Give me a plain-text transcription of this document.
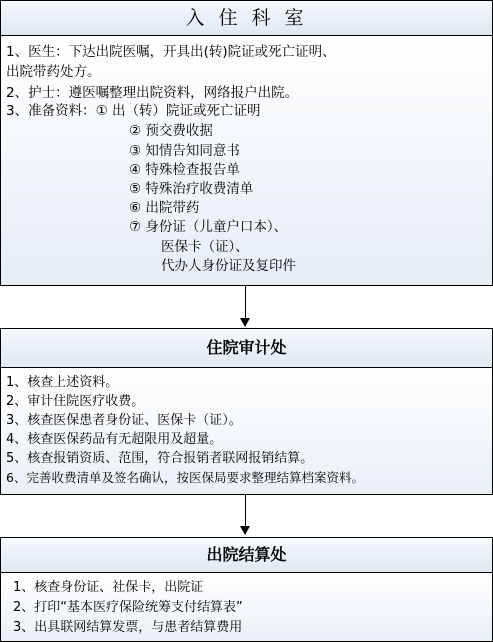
入 住 科 室
1、医生：下达出院医嘱，开具出(转)院证或死亡证明、
出院带药处方。
2、护士：遵医嘱整理出院资料，网络报户出院。
3、准备资料：① 出（转）院证或死亡证明
② 预交费收据
③ 知情告知同意书
④ 特殊检查报告单
⑤ 特殊治疗收费清单
⑥ 出院带药
⑦ 身份证（儿童户口本）、
医保卡（证）、
代办人身份证及复印件
住院审计处
1、核查上述资料。
2、审计住院医疗收费。
3、核查医保患者身份证、医保卡（证）。
4、核查医保药品有无超限用及超量。
5、核查报销资质、范围，符合报销者联网报销结算。
6、完善收费清单及签名确认，按医保局要求整理结算档案资料。
出院结算处
1、核查身份证、社保卡，出院证
2、打印“基本医疗保险统筹支付结算表”
3、出具联网结算发票，与患者结算费用
